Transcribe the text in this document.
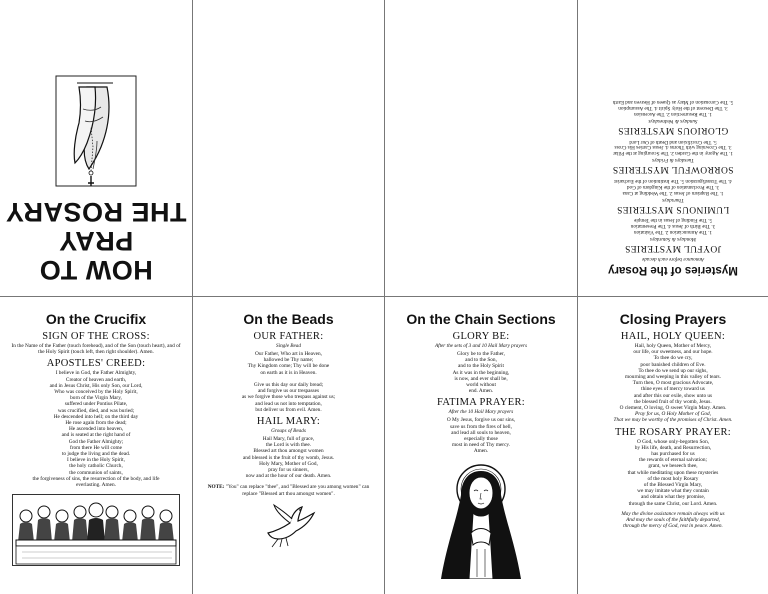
HOW TO PRAY
THE ROSARY
Mysteries of the Rosary
Announce before each decade
JOYFUL MYSTERIES
Mondays & Saturdays
1. The Annunciation 2. The Visitation
3. The Birth of Jesus 4. The Presentation
5. The Finding of Jesus in the Temple
LUMINOUS MYSTERIES
Thursdays
1. The Baptism of Jesus 2. The Wedding at Cana
3. The Proclamation of the Kingdom of God
4. The Transfiguration 5. The Institution of the Eucharist
SORROWFUL MYSTERIES
Tuesdays & Fridays
1. The Agony in the Garden 2. The Scourging at the Pillar
3. The Crowning with Thorns 4. Jesus Carries His Cross
5. The Crucifixion and Death of Our Lord
GLORIOUS MYSTERIES
Sundays & Wednesdays
1. The Resurrection 2. The Ascension
3. The Descent of the Holy Spirit 4. The Assumption
5. The Coronation of Mary as Queen of Heaven and Earth
On the Crucifix
SIGN OF THE CROSS:
In the Name of the Father (touch forehead), and of the Son (touch heart), and of the Holy Spirit (touch left, then right shoulder). Amen.
APOSTLES' CREED:
I believe in God, the Father Almighty,
Creator of heaven and earth,
and in Jesus Christ, His only Son, our Lord,
Who was conceived by the Holy Spirit,
born of the Virgin Mary,
suffered under Pontius Pilate,
was crucified, died, and was buried;
He descended into hell; on the third day
He rose again from the dead;
He ascended into heaven,
and is seated at the right hand of
God the Father Almighty;
from there He will come
to judge the living and the dead.
I believe in the Holy Spirit,
the holy catholic Church,
the communion of saints,
the forgiveness of sins, the resurrection of the body, and life
everlasting. Amen.
On the Beads
OUR FATHER:
Single Bead
Our Father, Who art in Heaven,
hallowed be Thy name;
Thy Kingdom come; Thy will be done
on earth as it is in Heaven.

Give us this day our daily bread;
and forgive us our trespasses
as we forgive those who trespass against us;
and lead us not into temptation,
but deliver us from evil. Amen.
HAIL MARY:
Groups of Beads
Hail Mary, full of grace,
the Lord is with thee.
Blessed art thou amongst women
and blessed is the fruit of thy womb, Jesus.
Holy Mary, Mother of God,
pray for us sinners,
now and at the hour of our death. Amen.
NOTE: "You" can replace "thee", and "Blessed are you among women" can replace "Blessed art thou amongst women".
On the Chain Sections
GLORY BE:
After the sets of 3 and 10 Hail Mary prayers
Glory be to the Father,
and to the Son,
and to the Holy Spirit
As it was in the beginning,
is now, and ever shall be,
world without
end. Amen.
FATIMA PRAYER:
After the 10 Hail Mary prayers
O My Jesus, forgive us our sins,
save us from the fires of hell,
and lead all souls to heaven,
especially those
most in need of Thy mercy.
Amen.
Closing Prayers
HAIL, HOLY QUEEN:
Hail, holy Queen, Mother of Mercy,
our life, our sweetness, and our hope.
To thee do we cry,
poor banished children of Eve.
To thee do we send up our sighs,
mourning and weeping in this valley of tears.
Turn then, O most gracious Advocate,
thine eyes of mercy toward us
and after this our exile, show unto us
the blessed fruit of thy womb, Jesus.
O clement, O loving, O sweet Virgin Mary. Amen.
Pray for us, O Holy Mother of God,
That we may be worthy of the promises of Christ. Amen.
THE ROSARY PRAYER:
O God, whose only-begotten Son,
by His life, death, and Resurrection,
has purchased for us
the rewards of eternal salvation;
grant, we beseech thee,
that while meditating upon these mysteries
of the most holy Rosary
of the Blessed Virgin Mary,
we may imitate what they contain
and obtain what they promise,
through the same Christ, our Lord. Amen.
May the divine assistance remain always with us
And may the souls of the faithfully departed,
through the mercy of God, rest in peace. Amen.
